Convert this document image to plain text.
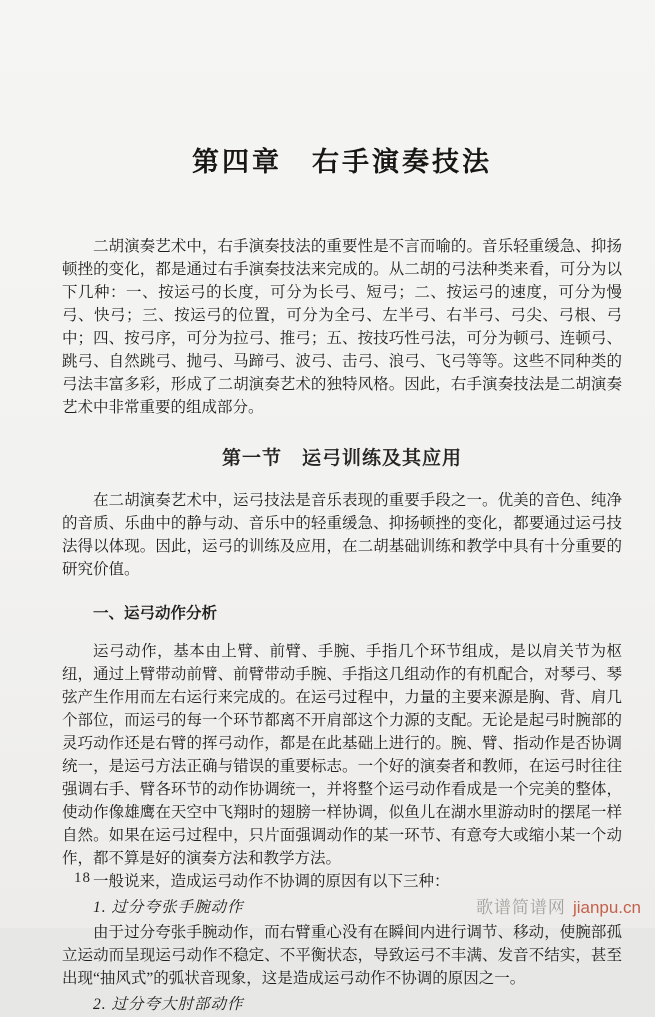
第四章　右手演奏技法

二胡演奏艺术中，右手演奏技法的重要性是不言而喻的。音乐轻重缓急、抑扬顿挫的变化，都是通过右手演奏技法来完成的。从二胡的弓法种类来看，可分为以下几种：一、按运弓的长度，可分为长弓、短弓；二、按运弓的速度，可分为慢弓、快弓；三、按运弓的位置，可分为全弓、左半弓、右半弓、弓尖、弓根、弓中；四、按弓序，可分为拉弓、推弓；五、按技巧性弓法，可分为顿弓、连顿弓、跳弓、自然跳弓、抛弓、马蹄弓、波弓、击弓、浪弓、飞弓等等。这些不同种类的弓法丰富多彩，形成了二胡演奏艺术的独特风格。因此，右手演奏技法是二胡演奏艺术中非常重要的组成部分。

第一节　运弓训练及其应用

在二胡演奏艺术中，运弓技法是音乐表现的重要手段之一。优美的音色、纯净的音质、乐曲中的静与动、音乐中的轻重缓急、抑扬顿挫的变化，都要通过运弓技法得以体现。因此，运弓的训练及应用，在二胡基础训练和教学中具有十分重要的研究价值。

一、运弓动作分析

运弓动作，基本由上臂、前臂、手腕、手指几个环节组成，是以肩关节为枢纽，通过上臂带动前臂、前臂带动手腕、手指这几组动作的有机配合，对琴弓、琴弦产生作用而左右运行来完成的。在运弓过程中，力量的主要来源是胸、背、肩几个部位，而运弓的每一个环节都离不开肩部这个力源的支配。无论是起弓时腕部的灵巧动作还是右臂的挥弓动作，都是在此基础上进行的。腕、臂、指动作是否协调统一，是运弓方法正确与错误的重要标志。一个好的演奏者和教师，在运弓时往往强调右手、臂各环节的动作协调统一，并将整个运弓动作看成是一个完美的整体，使动作像雄鹰在天空中飞翔时的翅膀一样协调，似鱼儿在湖水里游动时的摆尾一样自然。如果在运弓过程中，只片面强调动作的某一环节、有意夸大或缩小某一个动作，都不算是好的演奏方法和教学方法。

一般说来，造成运弓动作不协调的原因有以下三种：

1. 过分夸张手腕动作

由于过分夸张手腕动作，而右臂重心没有在瞬间内进行调节、移动，使腕部孤立运动而呈现运弓动作不稳定、不平衡状态，导致运弓不丰满、发音不结实，甚至出现“抽风式”的弧状音现象，这是造成运弓动作不协调的原因之一。

2. 过分夸大肘部动作

18
歌谱简谱网 jianpu.cn
